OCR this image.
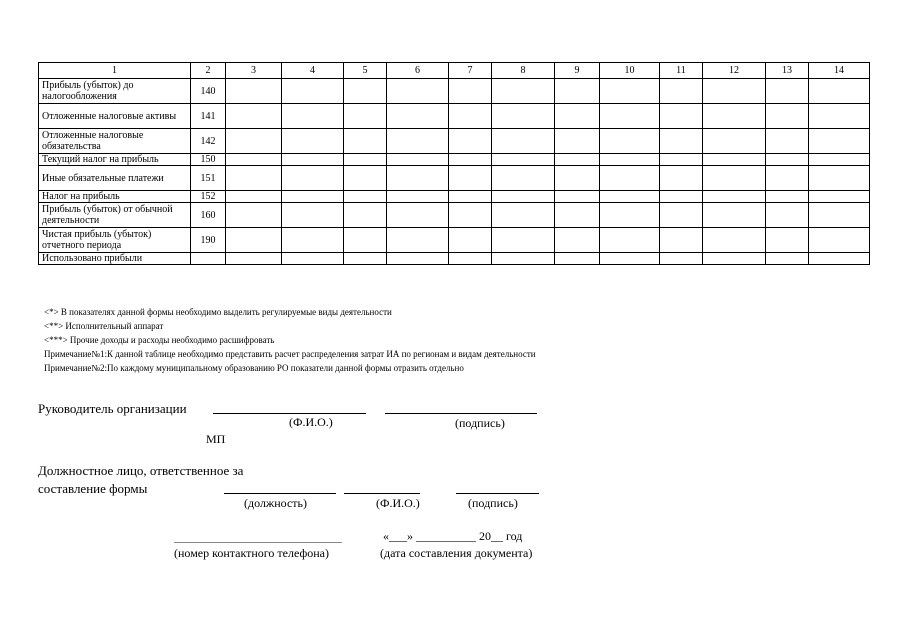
1	2	3	4	5	6	7	8	9	10	11	12	13	14
Прибыль (убыток) до налогообложения	140												
Отложенные налоговые активы	141												
Отложенные налоговые обязательства	142												
Текущий налог на прибыль	150												
Иные обязательные платежи	151												
Налог на прибыль	152												
Прибыль (убыток) от обычной деятельности	160												
Чистая прибыль (убыток) отчетного периода	190												
Использовано прибыли													
<*> В показателях данной формы необходимо выделить регулируемые виды деятельности
<**> Исполнительный аппарат
<***> Прочие доходы и расходы необходимо расшифровать
Примечание№1:К данной таблице необходимо представить расчет распределения затрат ИА по регионам и видам деятельности
Примечание№2:По каждому муниципальному образованию РО показатели данной формы отразить отдельно
Руководитель организации
(Ф.И.О.)	(подпись)
МП
Должностное лицо, ответственное за
составление формы
(должность)	(Ф.И.О.)	(подпись)
«___» __________ 20__ год
(номер контактного телефона)	(дата составления документа)
